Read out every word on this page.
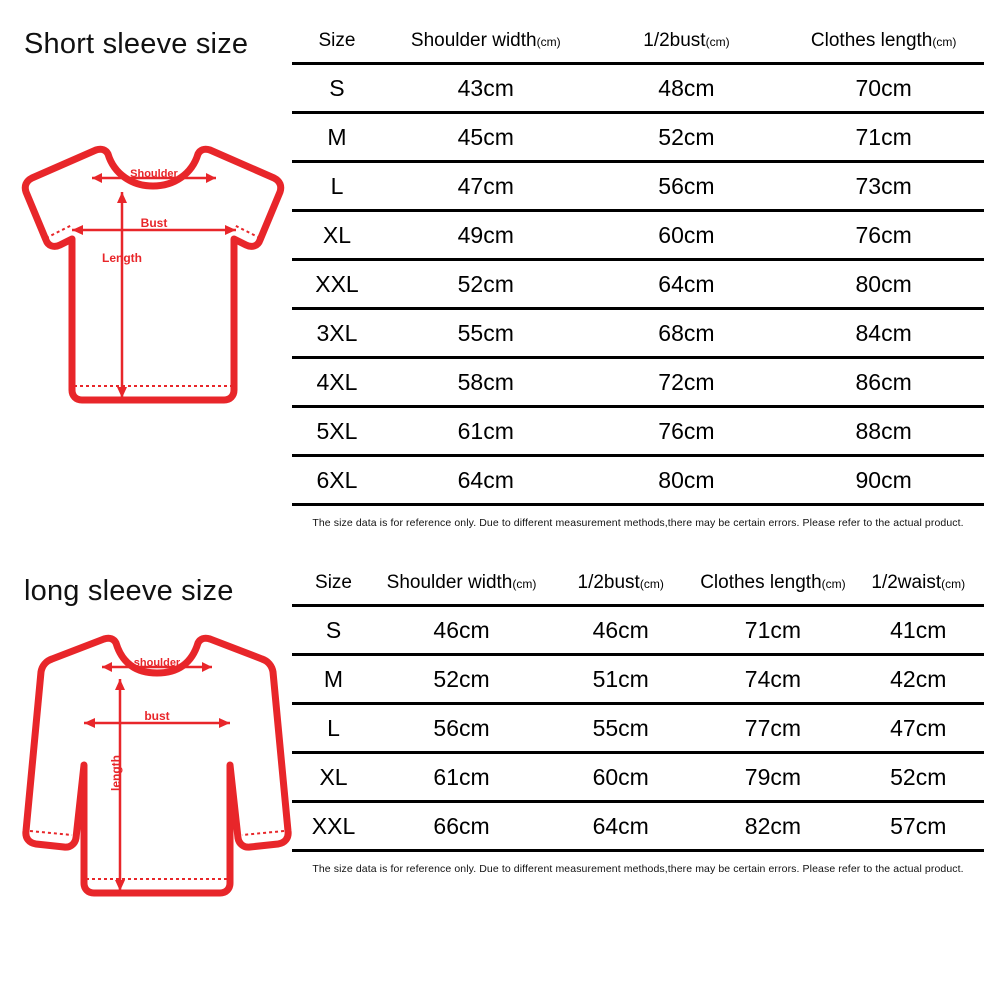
Short sleeve size
Shoulder
Bust
Length
Size	Shoulder width(cm)	1/2bust(cm)	Clothes length(cm)
S	43cm	48cm	70cm
M	45cm	52cm	71cm
L	47cm	56cm	73cm
XL	49cm	60cm	76cm
XXL	52cm	64cm	80cm
3XL	55cm	68cm	84cm
4XL	58cm	72cm	86cm
5XL	61cm	76cm	88cm
6XL	64cm	80cm	90cm
The size data is for reference only. Due to different measurement methods,there may be certain errors. Please refer to the actual product.
long sleeve size
shoulder
bust
length
Size	Shoulder width(cm)	1/2bust(cm)	Clothes length(cm)	1/2waist(cm)
S	46cm	46cm	71cm	41cm
M	52cm	51cm	74cm	42cm
L	56cm	55cm	77cm	47cm
XL	61cm	60cm	79cm	52cm
XXL	66cm	64cm	82cm	57cm
The size data is for reference only. Due to different measurement methods,there may be certain errors. Please refer to the actual product.
